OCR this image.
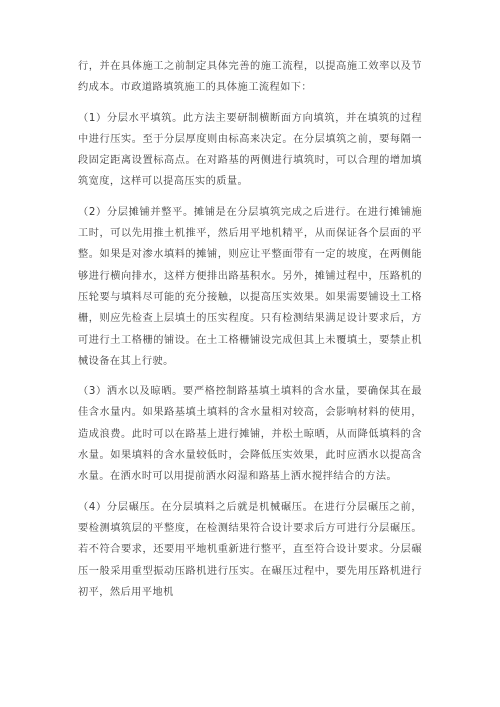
行，并在具体施工之前制定具体完善的施工流程，以提高施工效率以及节约成本。市政道路填筑施工的具体施工流程如下：

（1）分层水平填筑。此方法主要研制横断面方向填筑，并在填筑的过程中进行压实。至于分层厚度则由标高来决定。在分层填筑之前，要每隔一段固定距离设置标高点。在对路基的两侧进行填筑时，可以合理的增加填筑宽度，这样可以提高压实的质量。

（2）分层摊铺并整平。摊铺是在分层填筑完成之后进行。在进行摊铺施工时，可以先用推土机推平，然后用平地机精平，从而保证各个层面的平整。如果是对渗水填料的摊铺，则应让平整面带有一定的坡度，在两侧能够进行横向排水，这样方便排出路基积水。另外，摊铺过程中，压路机的压轮要与填料尽可能的充分接触，以提高压实效果。如果需要铺设土工格栅，则应先检查上层填土的压实程度。只有检测结果满足设计要求后，方可进行土工格栅的铺设。在土工格栅铺设完成但其上未覆填土，要禁止机械设备在其上行驶。

（3）洒水以及晾晒。要严格控制路基填土填料的含水量，要确保其在最佳含水量内。如果路基填土填料的含水量相对较高，会影响材料的使用，造成浪费。此时可以在路基上进行摊铺，并松土晾晒，从而降低填料的含水量。如果填料的含水量较低时，会降低压实效果，此时应洒水以提高含水量。在洒水时可以用提前洒水闷湿和路基上洒水搅拌结合的方法。

（4）分层碾压。在分层填料之后就是机械碾压。在进行分层碾压之前，要检测填筑层的平整度，在检测结果符合设计要求后方可进行分层碾压。若不符合要求，还要用平地机重新进行整平，直至符合设计要求。分层碾压一般采用重型振动压路机进行压实。在碾压过程中，要先用压路机进行初平，然后用平地机
